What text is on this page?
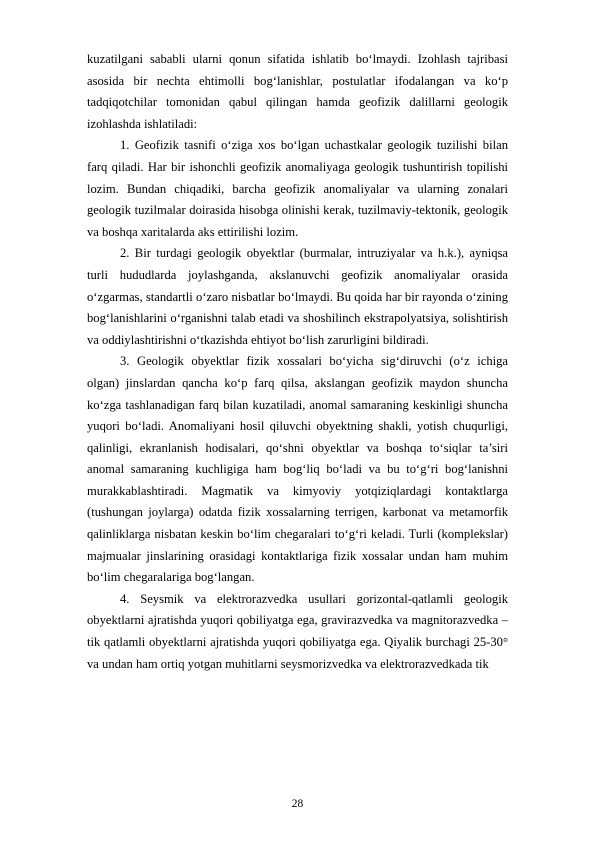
kuzatilgani sababli ularni qonun sifatida ishlatib bo‘lmaydi. Izohlash tajribasi asosida bir nechta ehtimolli bog‘lanishlar, postulatlar ifodalangan va ko‘p tadqiqotchilar tomonidan qabul qilingan hamda geofizik dalillarni geologik izohlashda ishlatiladi:

1. Geofizik tasnifi o‘ziga xos bo‘lgan uchastkalar geologik tuzilishi bilan farq qiladi. Har bir ishonchli geofizik anomaliyaga geologik tushuntirish topilishi lozim. Bundan chiqadiki, barcha geofizik anomaliyalar va ularning zonalari geologik tuzilmalar doirasida hisobga olinishi kerak, tuzilmaviy-tektonik, geologik va boshqa xaritalarda aks ettirilishi lozim.

2. Bir turdagi geologik obyektlar (burmalar, intruziyalar va h.k.), ayniqsa turli hududlarda joylashganda, akslanuvchi geofizik anomaliyalar orasida o‘zgarmas, standartli o‘zaro nisbatlar bo‘lmaydi. Bu qoida har bir rayonda o‘zining bog‘lanishlarini o‘rganishni talab etadi va shoshilinch ekstrapolyatsiya, solishtirish va oddiylashtirishni o‘tkazishda ehtiyot bo‘lish zarurligini bildiradi.

3. Geologik obyektlar fizik xossalari bo‘yicha sig‘diruvchi (o‘z ichiga olgan) jinslardan qancha ko‘p farq qilsa, akslangan geofizik maydon shuncha ko‘zga tashlanadigan farq bilan kuzatiladi, anomal samaraning keskinligi shuncha yuqori bo‘ladi. Anomaliyani hosil qiluvchi obyektning shakli, yotish chuqurligi, qalinligi, ekranlanish hodisalari, qo‘shni obyektlar va boshqa to‘siqlar ta’siri anomal samaraning kuchligiga ham bog‘liq bo‘ladi va bu to‘g‘ri bog‘lanishni murakkablashtiradi. Magmatik va kimyoviy yotqiziqlardagi kontaktlarga (tushungan joylarga) odatda fizik xossalarning terrigen, karbonat va metamorfik qalinliklarga nisbatan keskin bo‘lim chegaralari to‘g‘ri keladi. Turli (komplekslar) majmualar jinslarining orasidagi kontaktlariga fizik xossalar undan ham muhim bo‘lim chegaralariga bog‘langan.

4. Seysmik va elektrorazvedka usullari gorizontal-qatlamli geologik obyektlarni ajratishda yuqori qobiliyatga ega, gravirazvedka va magnitorazvedka – tik qatlamli obyektlarni ajratishda yuqori qobiliyatga ega. Qiyalik burchagi 25-30° va undan ham ortiq yotgan muhitlarni seysmorizvedka va elektrorazvedkada tik

28
